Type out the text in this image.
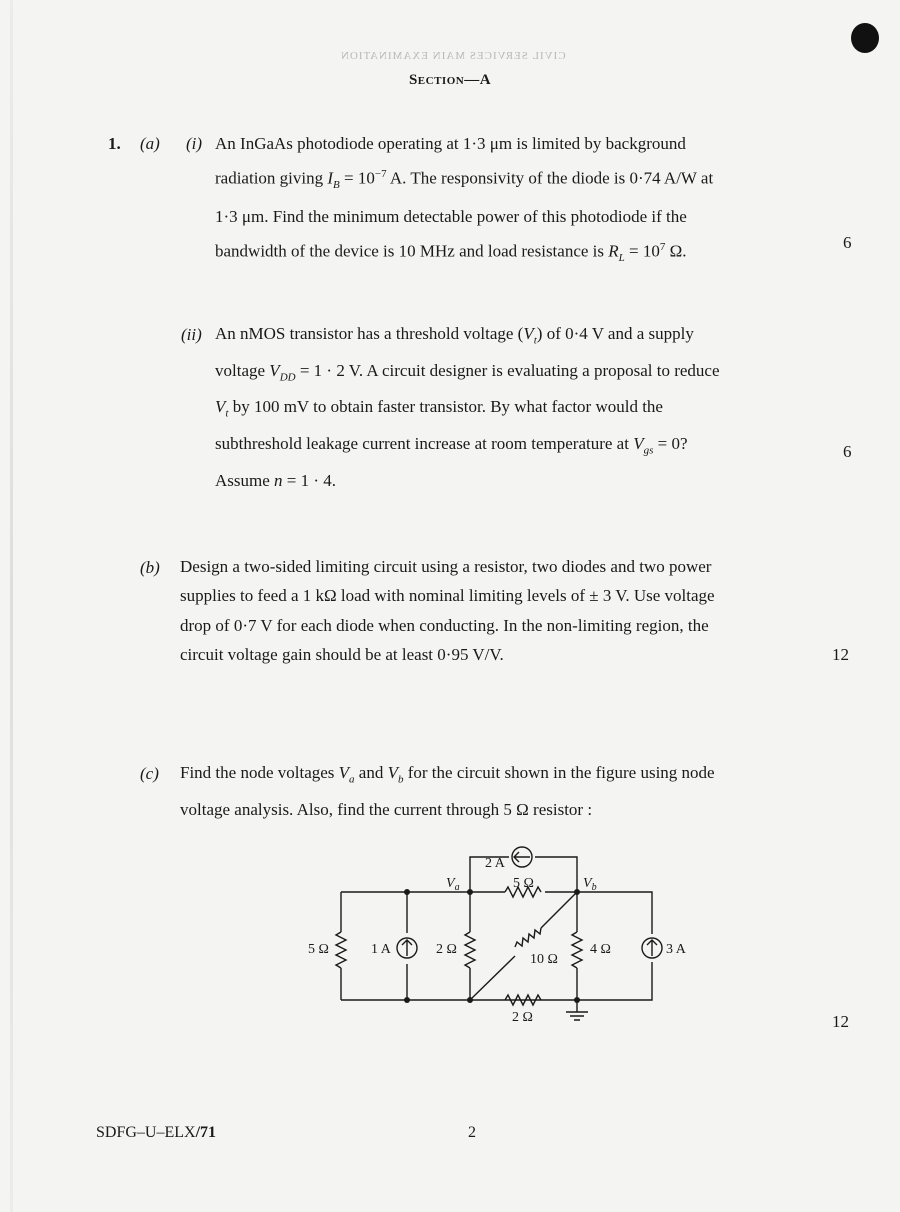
CIVIL SERVICES MAIN EXAMINATION
Section—A
1. (a) (i) An InGaAs photodiode operating at 1·3 μm is limited by background
radiation giving $I_B = 10^{-7}$ A. The responsivity of the diode is 0·74 A/W at
1·3 μm. Find the minimum detectable power of this photodiode if the
bandwidth of the device is 10 MHz and load resistance is $R_L = 10^7$ Ω.	6
(ii) An nMOS transistor has a threshold voltage $(V_t)$ of 0·4 V and a supply
voltage $V_{DD} = 1 \cdot 2$ V. A circuit designer is evaluating a proposal to reduce
$V_t$ by 100 mV to obtain faster transistor. By what factor would the
subthreshold leakage current increase at room temperature at $V_{gs} = 0$?
Assume n = 1 · 4.
6
(b) Design a two-sided limiting circuit using a resistor, two diodes and two power
supplies to feed a 1 kΩ load with nominal limiting levels of ± 3 V. Use voltage
drop of 0·7 V for each diode when conducting. In the non-limiting region, the
circuit voltage gain should be at least 0·95 V/V.	12
(c) Find the node voltages $V_a$ and $V_b$ for the circuit shown in the figure using node
voltage analysis. Also, find the current through 5 Ω resistor :
12
2 A
5 Ω
$V_a$	$V_b$
5 Ω	1 A	2 Ω
10 Ω
4 Ω	3 A
2 Ω
SDFG–U–ELX/71	2
